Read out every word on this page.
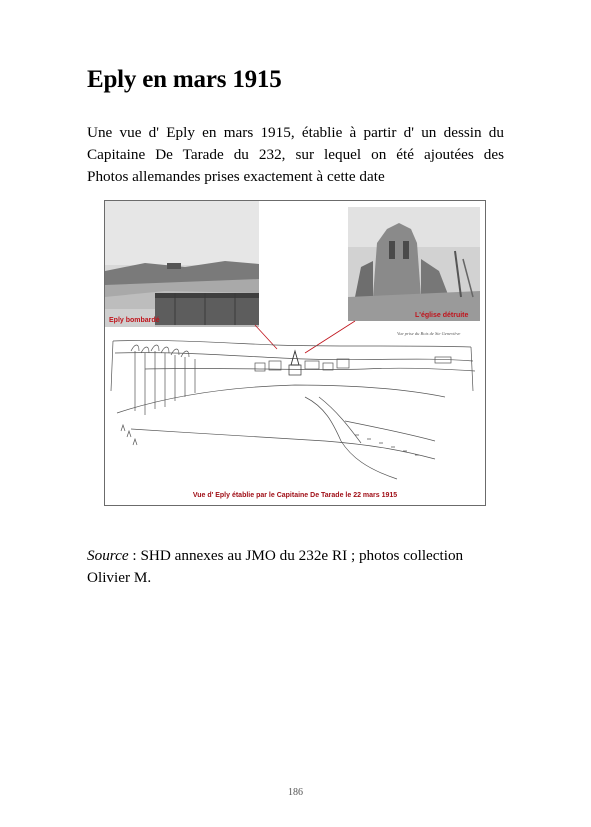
Eply en mars 1915

Une vue d' Eply en mars 1915, établie à partir d' un dessin du
Capitaine De Tarade du 232, sur lequel on été ajoutées des
Photos allemandes prises exactement à cette date

Eply bombardé
L'église détruite
Vue prise du Bois de Ste Geneviève
Vue d' Eply établie par le Capitaine De Tarade le 22 mars 1915

Source : SHD annexes au JMO du 232e RI ; photos collection Olivier M.

186
